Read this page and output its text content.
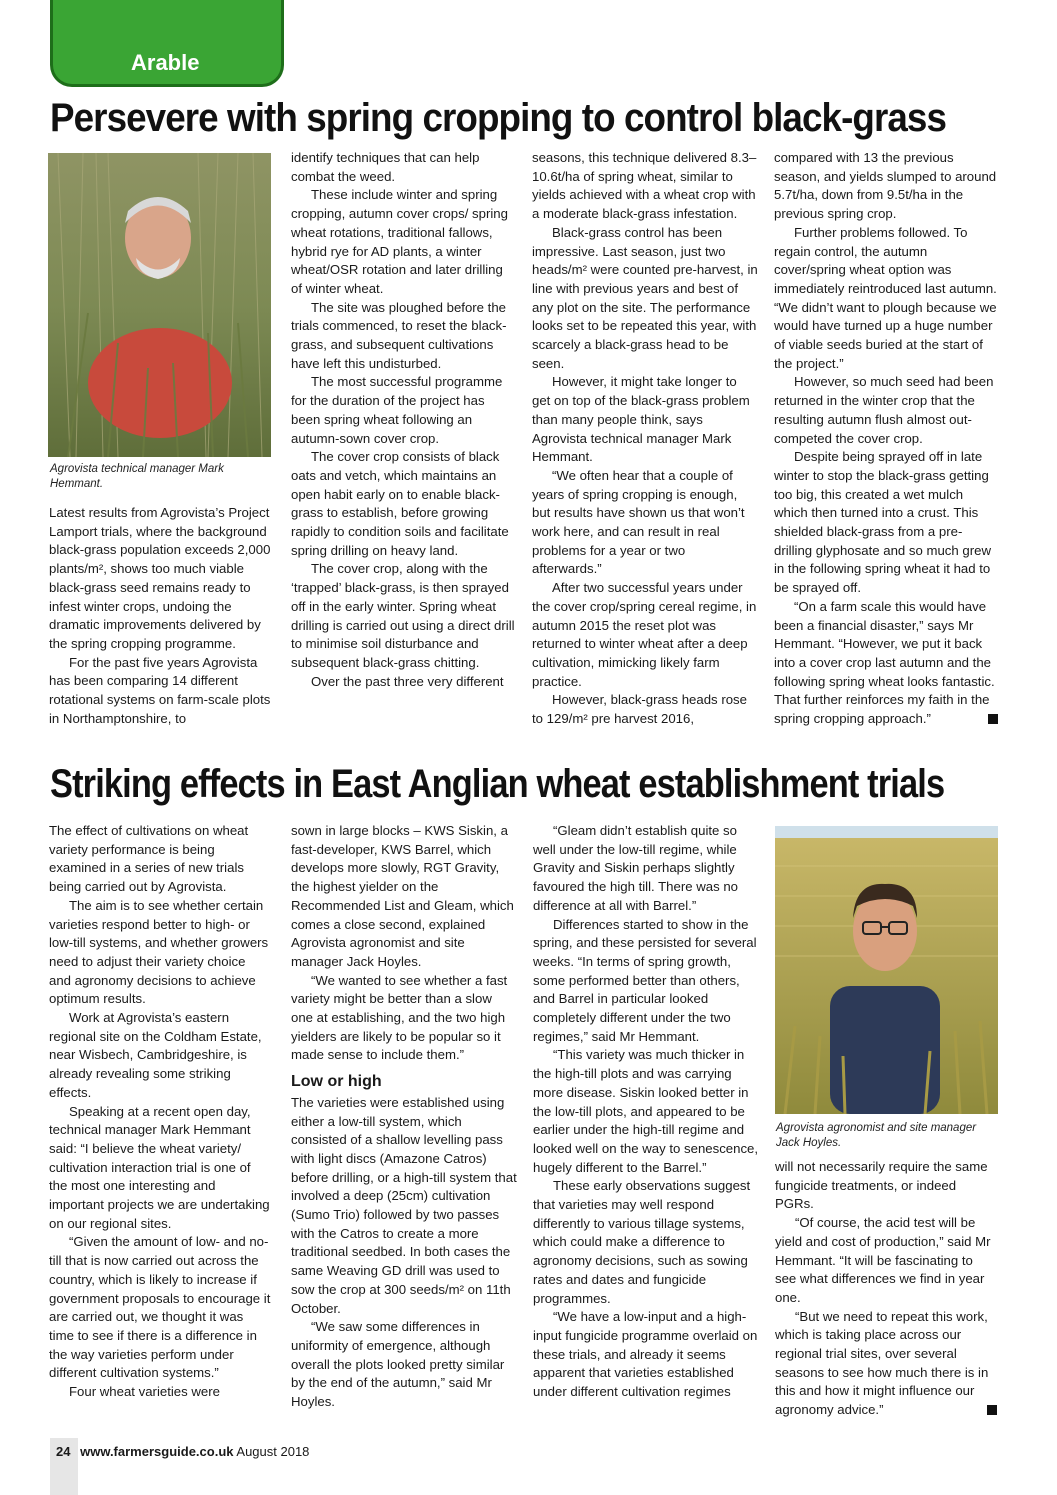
Arable
Persevere with spring cropping to control black-grass
Agrovista technical manager Mark Hemmant.

Latest results from Agrovista’s Project Lamport trials, where the background black-grass population exceeds 2,000 plants/m², shows too much viable black-grass seed remains ready to infest winter crops, undoing the dramatic improvements delivered by the spring cropping programme.

For the past five years Agrovista has been comparing 14 different rotational systems on farm-scale plots in Northamptonshire, to

identify techniques that can help combat the weed.

These include winter and spring cropping, autumn cover crops/ spring wheat rotations, traditional fallows, hybrid rye for AD plants, a winter wheat/OSR rotation and later drilling of winter wheat.

The site was ploughed before the trials commenced, to reset the black-grass, and subsequent cultivations have left this undisturbed.

The most successful programme for the duration of the project has been spring wheat following an autumn-sown cover crop.

The cover crop consists of black oats and vetch, which maintains an open habit early on to enable black-grass to establish, before growing rapidly to condition soils and facilitate spring drilling on heavy land.

The cover crop, along with the ‘trapped’ black-grass, is then sprayed off in the early winter. Spring wheat drilling is carried out using a direct drill to minimise soil disturbance and subsequent black-grass chitting.

Over the past three very different

seasons, this technique delivered 8.3–10.6t/ha of spring wheat, similar to yields achieved with a wheat crop with a moderate black-grass infestation.

Black-grass control has been impressive. Last season, just two heads/m² were counted pre-harvest, in line with previous years and best of any plot on the site. The performance looks set to be repeated this year, with scarcely a black-grass head to be seen.

However, it might take longer to get on top of the black-grass problem than many people think, says Agrovista technical manager Mark Hemmant.

“We often hear that a couple of years of spring cropping is enough, but results have shown us that won’t work here, and can result in real problems for a year or two afterwards.”

After two successful years under the cover crop/spring cereal regime, in autumn 2015 the reset plot was returned to winter wheat after a deep cultivation, mimicking likely farm practice.

However, black-grass heads rose to 129/m² pre harvest 2016,

compared with 13 the previous season, and yields slumped to around 5.7t/ha, down from 9.5t/ha in the previous spring crop.

Further problems followed. To regain control, the autumn cover/spring wheat option was immediately reintroduced last autumn. “We didn’t want to plough because we would have turned up a huge number of viable seeds buried at the start of the project.”

However, so much seed had been returned in the winter crop that the resulting autumn flush almost out-competed the cover crop.

Despite being sprayed off in late winter to stop the black-grass getting too big, this created a wet mulch which then turned into a crust. This shielded black-grass from a pre-drilling glyphosate and so much grew in the following spring wheat it had to be sprayed off.

“On a farm scale this would have been a financial disaster,” says Mr Hemmant. “However, we put it back into a cover crop last autumn and the following spring wheat looks fantastic. That further reinforces my faith in the spring cropping approach.”

Striking effects in East Anglian wheat establishment trials

The effect of cultivations on wheat variety performance is being examined in a series of new trials being carried out by Agrovista.

The aim is to see whether certain varieties respond better to high- or low-till systems, and whether growers need to adjust their variety choice and agronomy decisions to achieve optimum results.

Work at Agrovista’s eastern regional site on the Coldham Estate, near Wisbech, Cambridgeshire, is already revealing some striking effects.

Speaking at a recent open day, technical manager Mark Hemmant said: “I believe the wheat variety/ cultivation interaction trial is one of the most one interesting and important projects we are undertaking on our regional sites.

“Given the amount of low- and no-till that is now carried out across the country, which is likely to increase if government proposals to encourage it are carried out, we thought it was time to see if there is a difference in the way varieties perform under different cultivation systems.”

Four wheat varieties were

sown in large blocks – KWS Siskin, a fast-developer, KWS Barrel, which develops more slowly, RGT Gravity, the highest yielder on the Recommended List and Gleam, which comes a close second, explained Agrovista agronomist and site manager Jack Hoyles.

“We wanted to see whether a fast variety might be better than a slow one at establishing, and the two high yielders are likely to be popular so it made sense to include them.”

Low or high

The varieties were established using either a low-till system, which consisted of a shallow levelling pass with light discs (Amazone Catros) before drilling, or a high-till system that involved a deep (25cm) cultivation (Sumo Trio) followed by two passes with the Catros to create a more traditional seedbed. In both cases the same Weaving GD drill was used to sow the crop at 300 seeds/m² on 11th October.

“We saw some differences in uniformity of emergence, although overall the plots looked pretty similar by the end of the autumn,” said Mr Hoyles.

“Gleam didn’t establish quite so well under the low-till regime, while Gravity and Siskin perhaps slightly favoured the high till. There was no difference at all with Barrel.”

Differences started to show in the spring, and these persisted for several weeks. “In terms of spring growth, some performed better than others, and Barrel in particular looked completely different under the two regimes,” said Mr Hemmant.

“This variety was much thicker in the high-till plots and was carrying more disease. Siskin looked better in the low-till plots, and appeared to be earlier under the high-till regime and looked well on the way to senescence, hugely different to the Barrel.”

These early observations suggest that varieties may well respond differently to various tillage systems, which could make a difference to agronomy decisions, such as sowing rates and dates and fungicide programmes.

“We have a low-input and a high-input fungicide programme overlaid on these trials, and already it seems apparent that varieties established under different cultivation regimes

Agrovista agronomist and site manager Jack Hoyles.

will not necessarily require the same fungicide treatments, or indeed PGRs.

“Of course, the acid test will be yield and cost of production,” said Mr Hemmant. “It will be fascinating to see what differences we find in year one.

“But we need to repeat this work, which is taking place across our regional trial sites, over several seasons to see how much there is in this and how it might influence our agronomy advice.”

24 www.farmersguide.co.uk August 2018
